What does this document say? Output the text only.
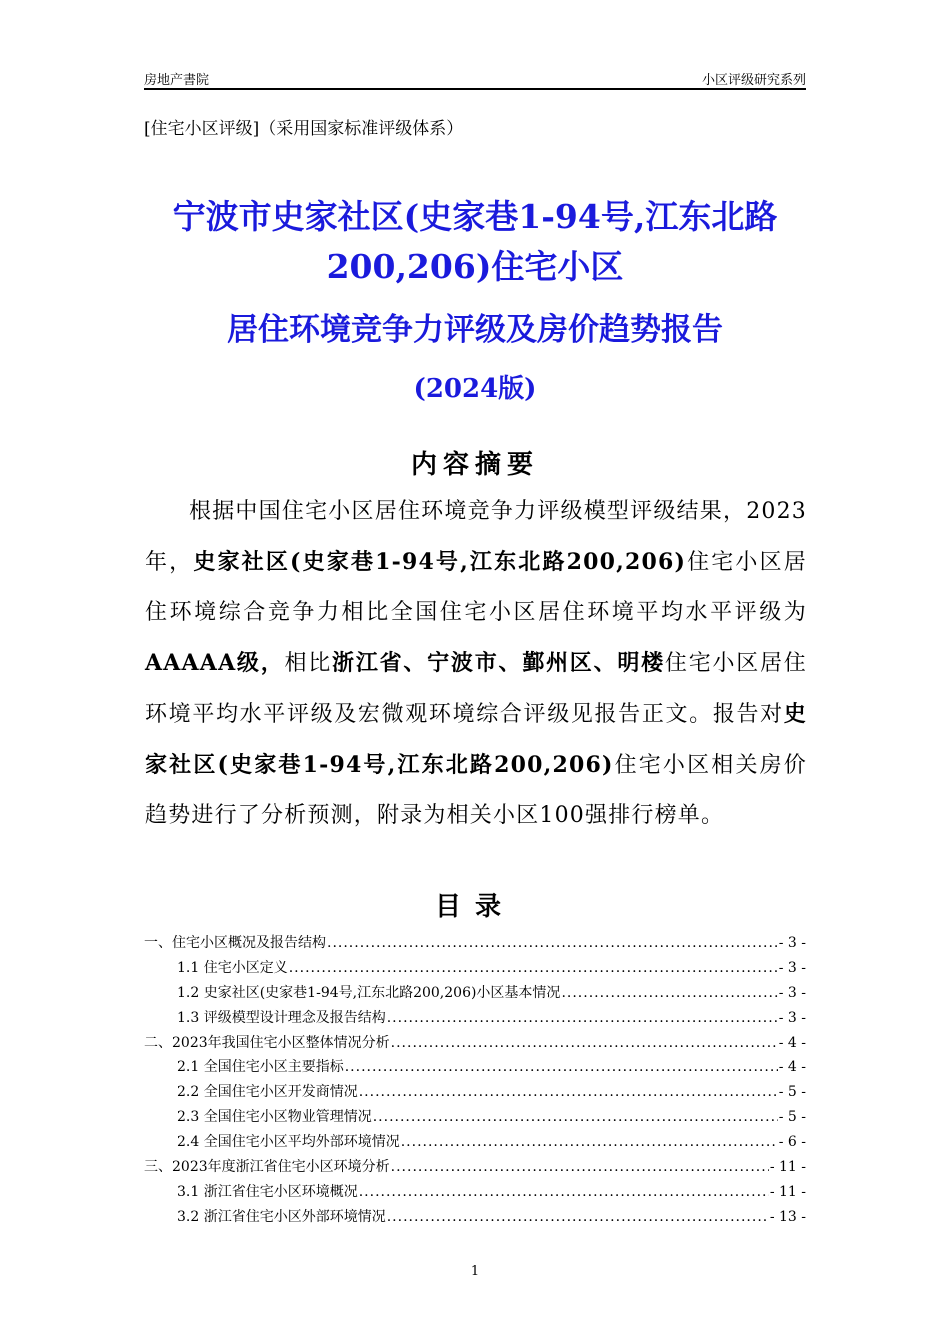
房地产書院	小区评级研究系列
[住宅小区评级]（采用国家标准评级体系）
宁波市史家社区(史家巷1-94号,江东北路
200,206)住宅小区
居住环境竞争力评级及房价趋势报告
(2024版)
内容摘要
根据中国住宅小区居住环境竞争力评级模型评级结果，2023年，史家社区(史家巷1-94号,江东北路200,206)住宅小区居住环境综合竞争力相比全国住宅小区居住环境平均水平评级为AAAAA级，相比浙江省、宁波市、鄞州区、明楼住宅小区居住环境平均水平评级及宏微观环境综合评级见报告正文。报告对史家社区(史家巷1-94号,江东北路200,206)住宅小区相关房价趋势进行了分析预测，附录为相关小区100强排行榜单。
目录
一、住宅小区概况及报告结构 .....	- 3 -
1.1 住宅小区定义 .....	- 3 -
1.2 史家社区(史家巷1-94号,江东北路200,206)小区基本情况 .....	- 3 -
1.3 评级模型设计理念及报告结构 .....	- 3 -
二、2023年我国住宅小区整体情况分析 .....	- 4 -
2.1 全国住宅小区主要指标 .....	- 4 -
2.2 全国住宅小区开发商情况 .....	- 5 -
2.3 全国住宅小区物业管理情况 .....	- 5 -
2.4 全国住宅小区平均外部环境情况 .....	- 6 -
三、2023年度浙江省住宅小区环境分析 .....	- 11 -
3.1 浙江省住宅小区环境概况 .....	- 11 -
3.2 浙江省住宅小区外部环境情况 .....	- 13 -
1
